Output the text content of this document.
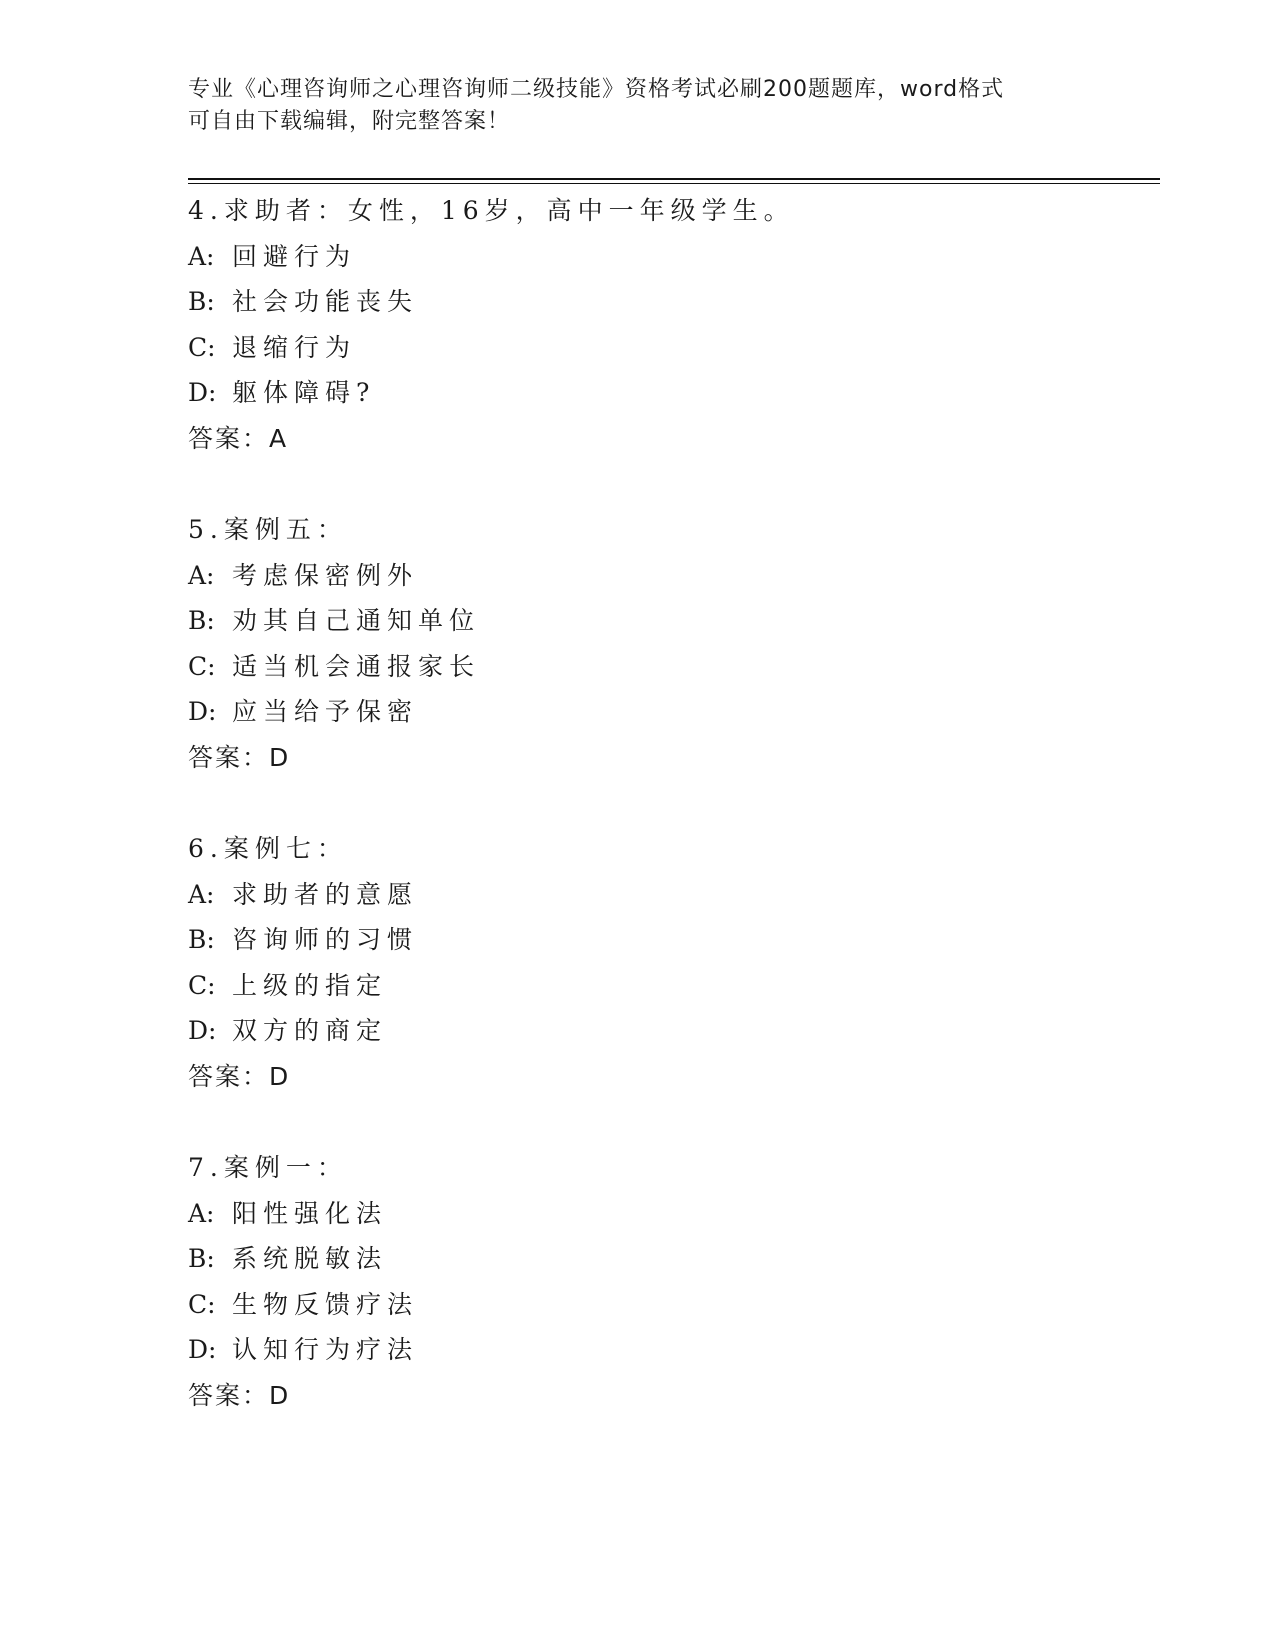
专业《心理咨询师之心理咨询师二级技能》资格考试必刷200题题库，word格式
可自由下载编辑，附完整答案！
4.求助者：女性，16岁，高中一年级学生。
A: 回避行为
B: 社会功能丧失
C: 退缩行为
D: 躯体障碍?
答案：A
5.案例五：
A: 考虑保密例外
B: 劝其自己通知单位
C: 适当机会通报家长
D: 应当给予保密
答案：D
6.案例七：
A: 求助者的意愿
B: 咨询师的习惯
C: 上级的指定
D: 双方的商定
答案：D
7.案例一：
A: 阳性强化法
B: 系统脱敏法
C: 生物反馈疗法
D: 认知行为疗法
答案：D
